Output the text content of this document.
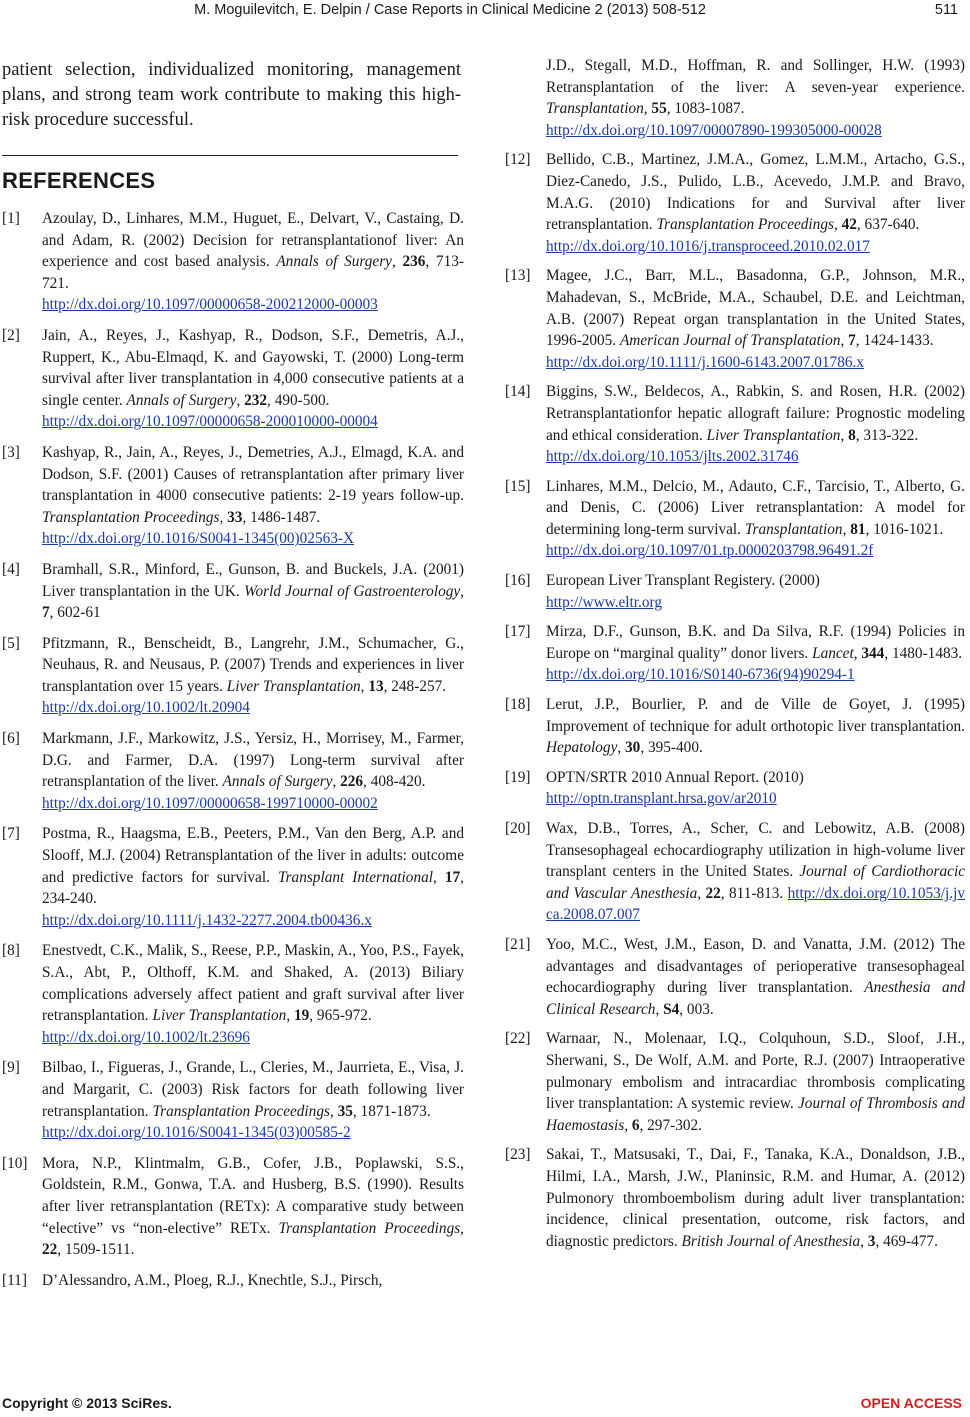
M. Moguilevitch, E. Delpin / Case Reports in Clinical Medicine 2 (2013) 508-512	511

patient selection, individualized monitoring, management plans, and strong team work contribute to making this high-risk procedure successful.

REFERENCES
[1] Azoulay, D., Linhares, M.M., Huguet, E., Delvart, V., Castaing, D. and Adam, R. (2002) Decision for retransplantationof liver: An experience and cost based analysis. Annals of Surgery, 236, 713-721.
http://dx.doi.org/10.1097/00000658-200212000-00003
[2] Jain, A., Reyes, J., Kashyap, R., Dodson, S.F., Demetris, A.J., Ruppert, K., Abu-Elmaqd, K. and Gayowski, T. (2000) Long-term survival after liver transplantation in 4,000 consecutive patients at a single center. Annals of Surgery, 232, 490-500.
http://dx.doi.org/10.1097/00000658-200010000-00004
[3] Kashyap, R., Jain, A., Reyes, J., Demetries, A.J., Elmagd, K.A. and Dodson, S.F. (2001) Causes of retransplantation after primary liver transplantation in 4000 consecutive patients: 2-19 years follow-up. Transplantation Proceedings, 33, 1486-1487.
http://dx.doi.org/10.1016/S0041-1345(00)02563-X
[4] Bramhall, S.R., Minford, E., Gunson, B. and Buckels, J.A. (2001) Liver transplantation in the UK. World Journal of Gastroenterology, 7, 602-61
[5] Pfitzmann, R., Benscheidt, B., Langrehr, J.M., Schumacher, G., Neuhaus, R. and Neusaus, P. (2007) Trends and experiences in liver transplantation over 15 years. Liver Transplantation, 13, 248-257.
http://dx.doi.org/10.1002/lt.20904
[6] Markmann, J.F., Markowitz, J.S., Yersiz, H., Morrisey, M., Farmer, D.G. and Farmer, D.A. (1997) Long-term survival after retransplantation of the liver. Annals of Surgery, 226, 408-420.
http://dx.doi.org/10.1097/00000658-199710000-00002
[7] Postma, R., Haagsma, E.B., Peeters, P.M., Van den Berg, A.P. and Slooff, M.J. (2004) Retransplantation of the liver in adults: outcome and predictive factors for survival. Transplant International, 17, 234-240.
http://dx.doi.org/10.1111/j.1432-2277.2004.tb00436.x
[8] Enestvedt, C.K., Malik, S., Reese, P.P., Maskin, A., Yoo, P.S., Fayek, S.A., Abt, P., Olthoff, K.M. and Shaked, A. (2013) Biliary complications adversely affect patient and graft survival after liver retransplantation. Liver Transplantation, 19, 965-972.
http://dx.doi.org/10.1002/lt.23696
[9] Bilbao, I., Figueras, J., Grande, L., Cleries, M., Jaurrieta, E., Visa, J. and Margarit, C. (2003) Risk factors for death following liver retransplantation. Transplantation Proceedings, 35, 1871-1873.
http://dx.doi.org/10.1016/S0041-1345(03)00585-2
[10] Mora, N.P., Klintmalm, G.B., Cofer, J.B., Poplawski, S.S., Goldstein, R.M., Gonwa, T.A. and Husberg, B.S. (1990). Results after liver retransplantation (RETx): A comparative study between “elective” vs “non-elective” RETx. Transplantation Proceedings, 22, 1509-1511.
[11] D’Alessandro, A.M., Ploeg, R.J., Knechtle, S.J., Pirsch,
J.D., Stegall, M.D., Hoffman, R. and Sollinger, H.W. (1993) Retransplantation of the liver: A seven-year experience. Transplantation, 55, 1083-1087.
http://dx.doi.org/10.1097/00007890-199305000-00028
[12] Bellido, C.B., Martinez, J.M.A., Gomez, L.M.M., Artacho, G.S., Diez-Canedo, J.S., Pulido, L.B., Acevedo, J.M.P. and Bravo, M.A.G. (2010) Indications for and Survival after liver retransplantation. Transplantation Proceedings, 42, 637-640.
http://dx.doi.org/10.1016/j.transproceed.2010.02.017
[13] Magee, J.C., Barr, M.L., Basadonna, G.P., Johnson, M.R., Mahadevan, S., McBride, M.A., Schaubel, D.E. and Leichtman, A.B. (2007) Repeat organ transplantation in the United States, 1996-2005. American Journal of Transplatation, 7, 1424-1433.
http://dx.doi.org/10.1111/j.1600-6143.2007.01786.x
[14] Biggins, S.W., Beldecos, A., Rabkin, S. and Rosen, H.R. (2002) Retransplantationfor hepatic allograft failure: Prognostic modeling and ethical consideration. Liver Transplantation, 8, 313-322.
http://dx.doi.org/10.1053/jlts.2002.31746
[15] Linhares, M.M., Delcio, M., Adauto, C.F., Tarcisio, T., Alberto, G. and Denis, C. (2006) Liver retransplantation: A model for determining long-term survival. Transplantation, 81, 1016-1021.
http://dx.doi.org/10.1097/01.tp.0000203798.96491.2f
[16] European Liver Transplant Registery. (2000)
http://www.eltr.org
[17] Mirza, D.F., Gunson, B.K. and Da Silva, R.F. (1994) Policies in Europe on “marginal quality” donor livers. Lancet, 344, 1480-1483.
http://dx.doi.org/10.1016/S0140-6736(94)90294-1
[18] Lerut, J.P., Bourlier, P. and de Ville de Goyet, J. (1995) Improvement of technique for adult orthotopic liver transplantation. Hepatology, 30, 395-400.
[19] OPTN/SRTR 2010 Annual Report. (2010)
http://optn.transplant.hrsa.gov/ar2010
[20] Wax, D.B., Torres, A., Scher, C. and Lebowitz, A.B. (2008) Transesophageal echocardiography utilization in high-volume liver transplant centers in the United States. Journal of Cardiothoracic and Vascular Anesthesia, 22, 811-813. http://dx.doi.org/10.1053/j.jvca.2008.07.007
[21] Yoo, M.C., West, J.M., Eason, D. and Vanatta, J.M. (2012) The advantages and disadvantages of perioperative transesophageal echocardiography during liver transplantation. Anesthesia and Clinical Research, S4, 003.
[22] Warnaar, N., Molenaar, I.Q., Colquhoun, S.D., Sloof, J.H., Sherwani, S., De Wolf, A.M. and Porte, R.J. (2007) Intraoperative pulmonary embolism and intracardiac thrombosis complicating liver transplantation: A systemic review. Journal of Thrombosis and Haemostasis, 6, 297-302.
[23] Sakai, T., Matsusaki, T., Dai, F., Tanaka, K.A., Donaldson, J.B., Hilmi, I.A., Marsh, J.W., Planinsic, R.M. and Humar, A. (2012) Pulmonory thromboembolism during adult liver transplantation: incidence, clinical presentation, outcome, risk factors, and diagnostic predictors. British Journal of Anesthesia, 3, 469-477.
Copyright © 2013 SciRes.	OPEN ACCESS
